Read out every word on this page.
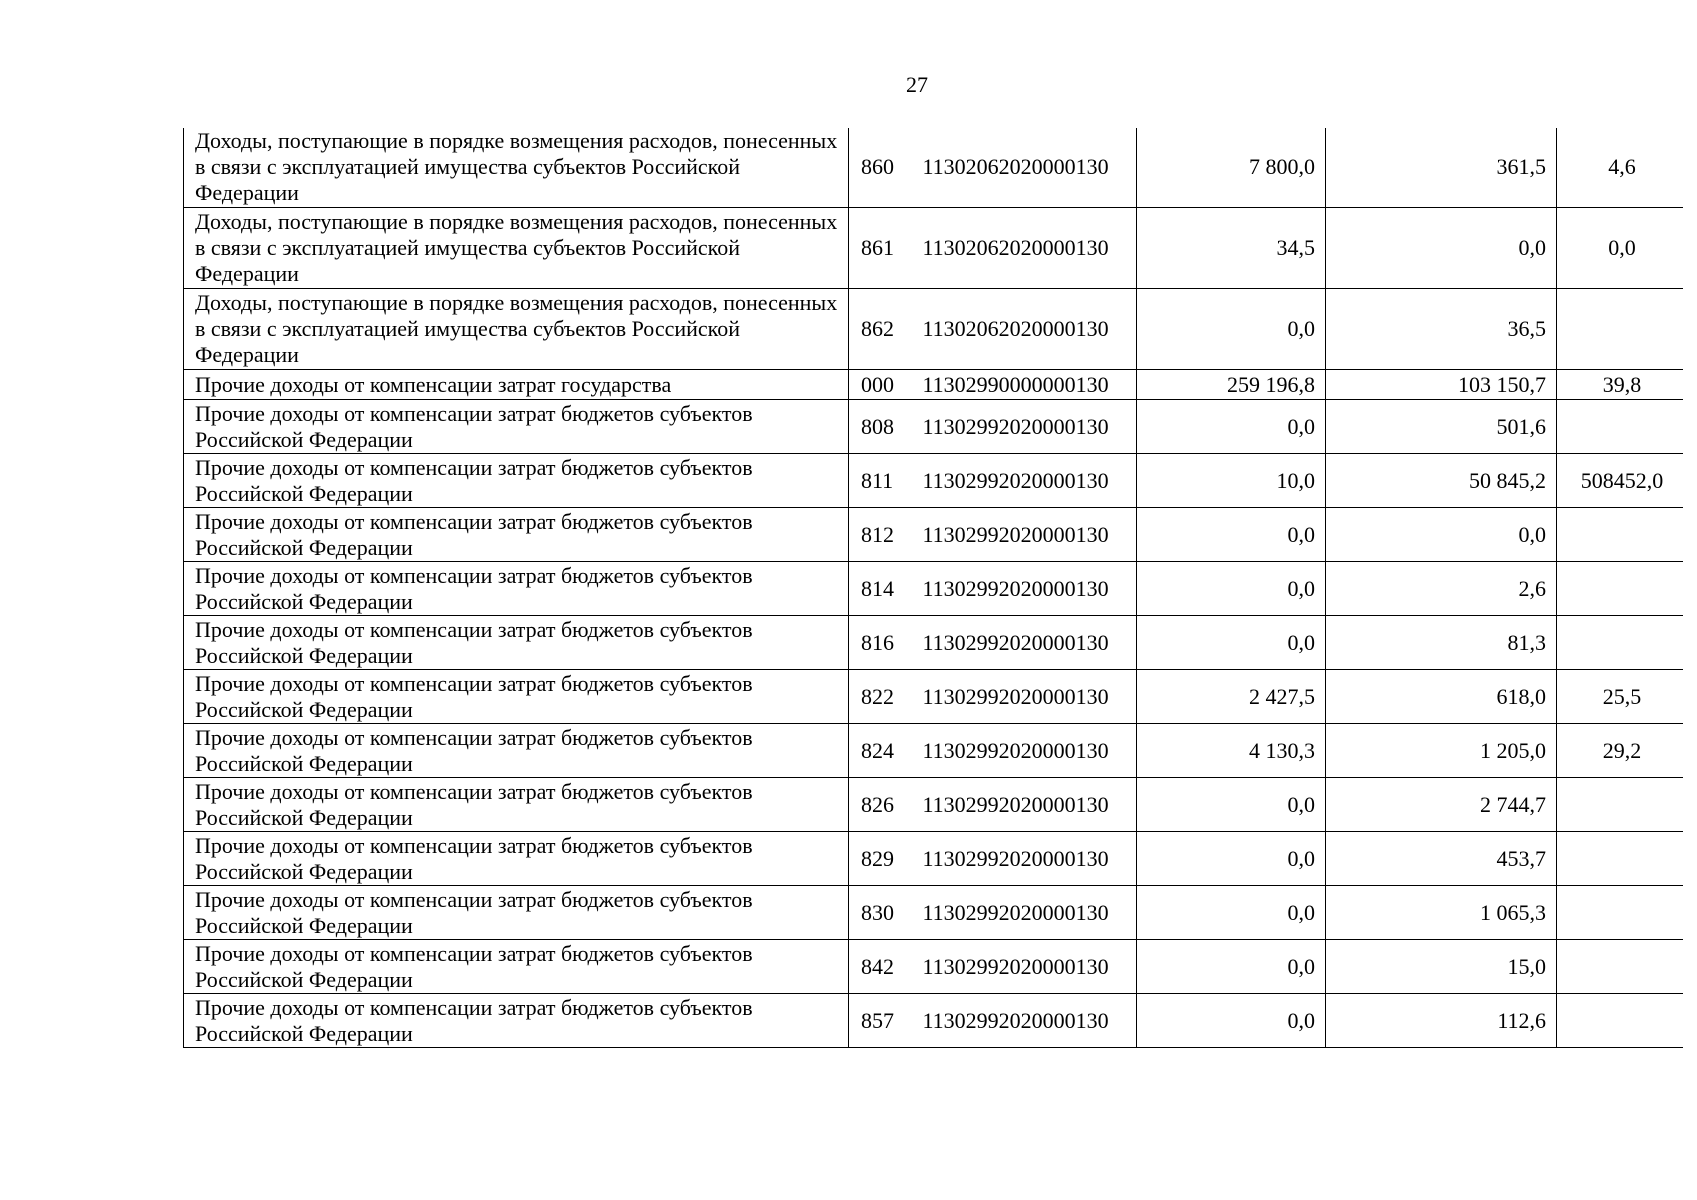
27
Доходы, поступающие в порядке возмещения расходов, понесенных в связи с эксплуатацией имущества субъектов Российской Федерации	860	11302062020000130	7 800,0	361,5	4,6
Доходы, поступающие в порядке возмещения расходов, понесенных в связи с эксплуатацией имущества субъектов Российской Федерации	861	11302062020000130	34,5	0,0	0,0
Доходы, поступающие в порядке возмещения расходов, понесенных в связи с эксплуатацией имущества субъектов Российской Федерации	862	11302062020000130	0,0	36,5	
Прочие доходы от компенсации затрат государства	000	11302990000000130	259 196,8	103 150,7	39,8
Прочие доходы от компенсации затрат бюджетов субъектов Российской Федерации	808	11302992020000130	0,0	501,6	
Прочие доходы от компенсации затрат бюджетов субъектов Российской Федерации	811	11302992020000130	10,0	50 845,2	508452,0
Прочие доходы от компенсации затрат бюджетов субъектов Российской Федерации	812	11302992020000130	0,0	0,0	
Прочие доходы от компенсации затрат бюджетов субъектов Российской Федерации	814	11302992020000130	0,0	2,6	
Прочие доходы от компенсации затрат бюджетов субъектов Российской Федерации	816	11302992020000130	0,0	81,3	
Прочие доходы от компенсации затрат бюджетов субъектов Российской Федерации	822	11302992020000130	2 427,5	618,0	25,5
Прочие доходы от компенсации затрат бюджетов субъектов Российской Федерации	824	11302992020000130	4 130,3	1 205,0	29,2
Прочие доходы от компенсации затрат бюджетов субъектов Российской Федерации	826	11302992020000130	0,0	2 744,7	
Прочие доходы от компенсации затрат бюджетов субъектов Российской Федерации	829	11302992020000130	0,0	453,7	
Прочие доходы от компенсации затрат бюджетов субъектов Российской Федерации	830	11302992020000130	0,0	1 065,3	
Прочие доходы от компенсации затрат бюджетов субъектов Российской Федерации	842	11302992020000130	0,0	15,0	
Прочие доходы от компенсации затрат бюджетов субъектов Российской Федерации	857	11302992020000130	0,0	112,6	
